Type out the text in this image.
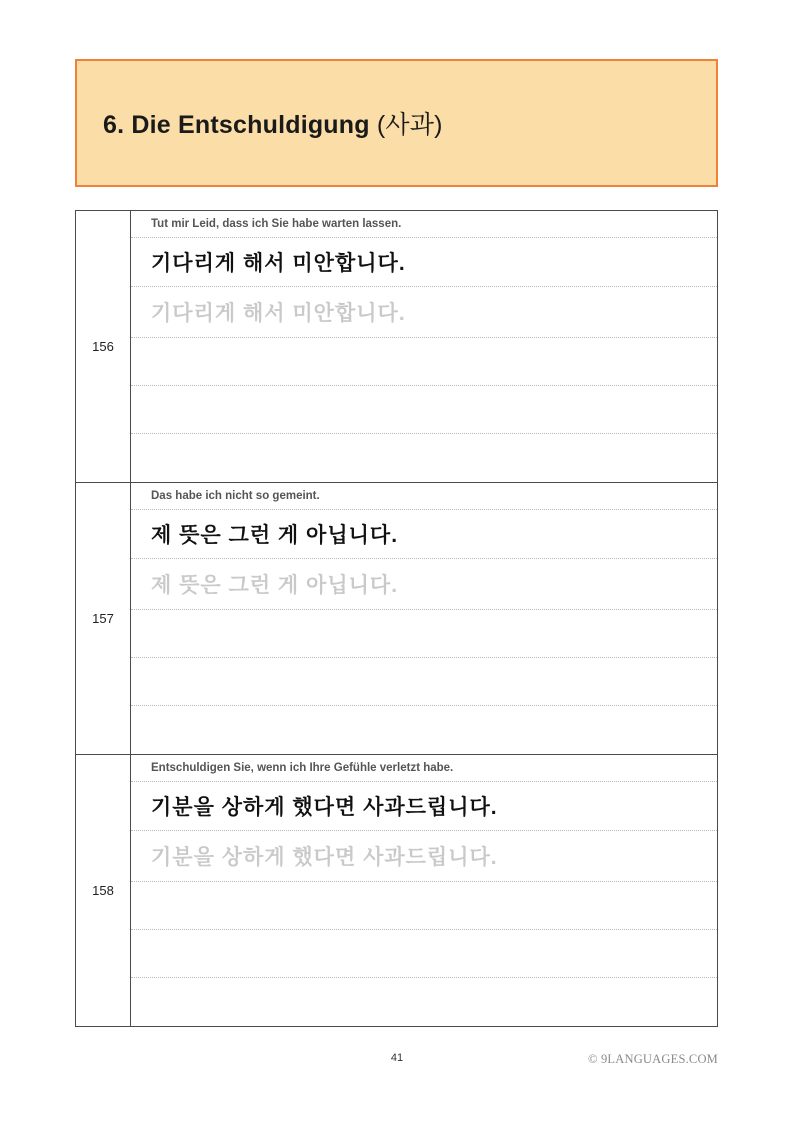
6. Die Entschuldigung (사과)
156
Tut mir Leid, dass ich Sie habe warten lassen.
기다리게 해서 미안합니다.
기다리게 해서 미안합니다.
157
Das habe ich nicht so gemeint.
제 뜻은 그런 게 아닙니다.
제 뜻은 그런 게 아닙니다.
158
Entschuldigen Sie, wenn ich Ihre Gefühle verletzt habe.
기분을 상하게 했다면 사과드립니다.
기분을 상하게 했다면 사과드립니다.
41	© 9LANGUAGES.COM
